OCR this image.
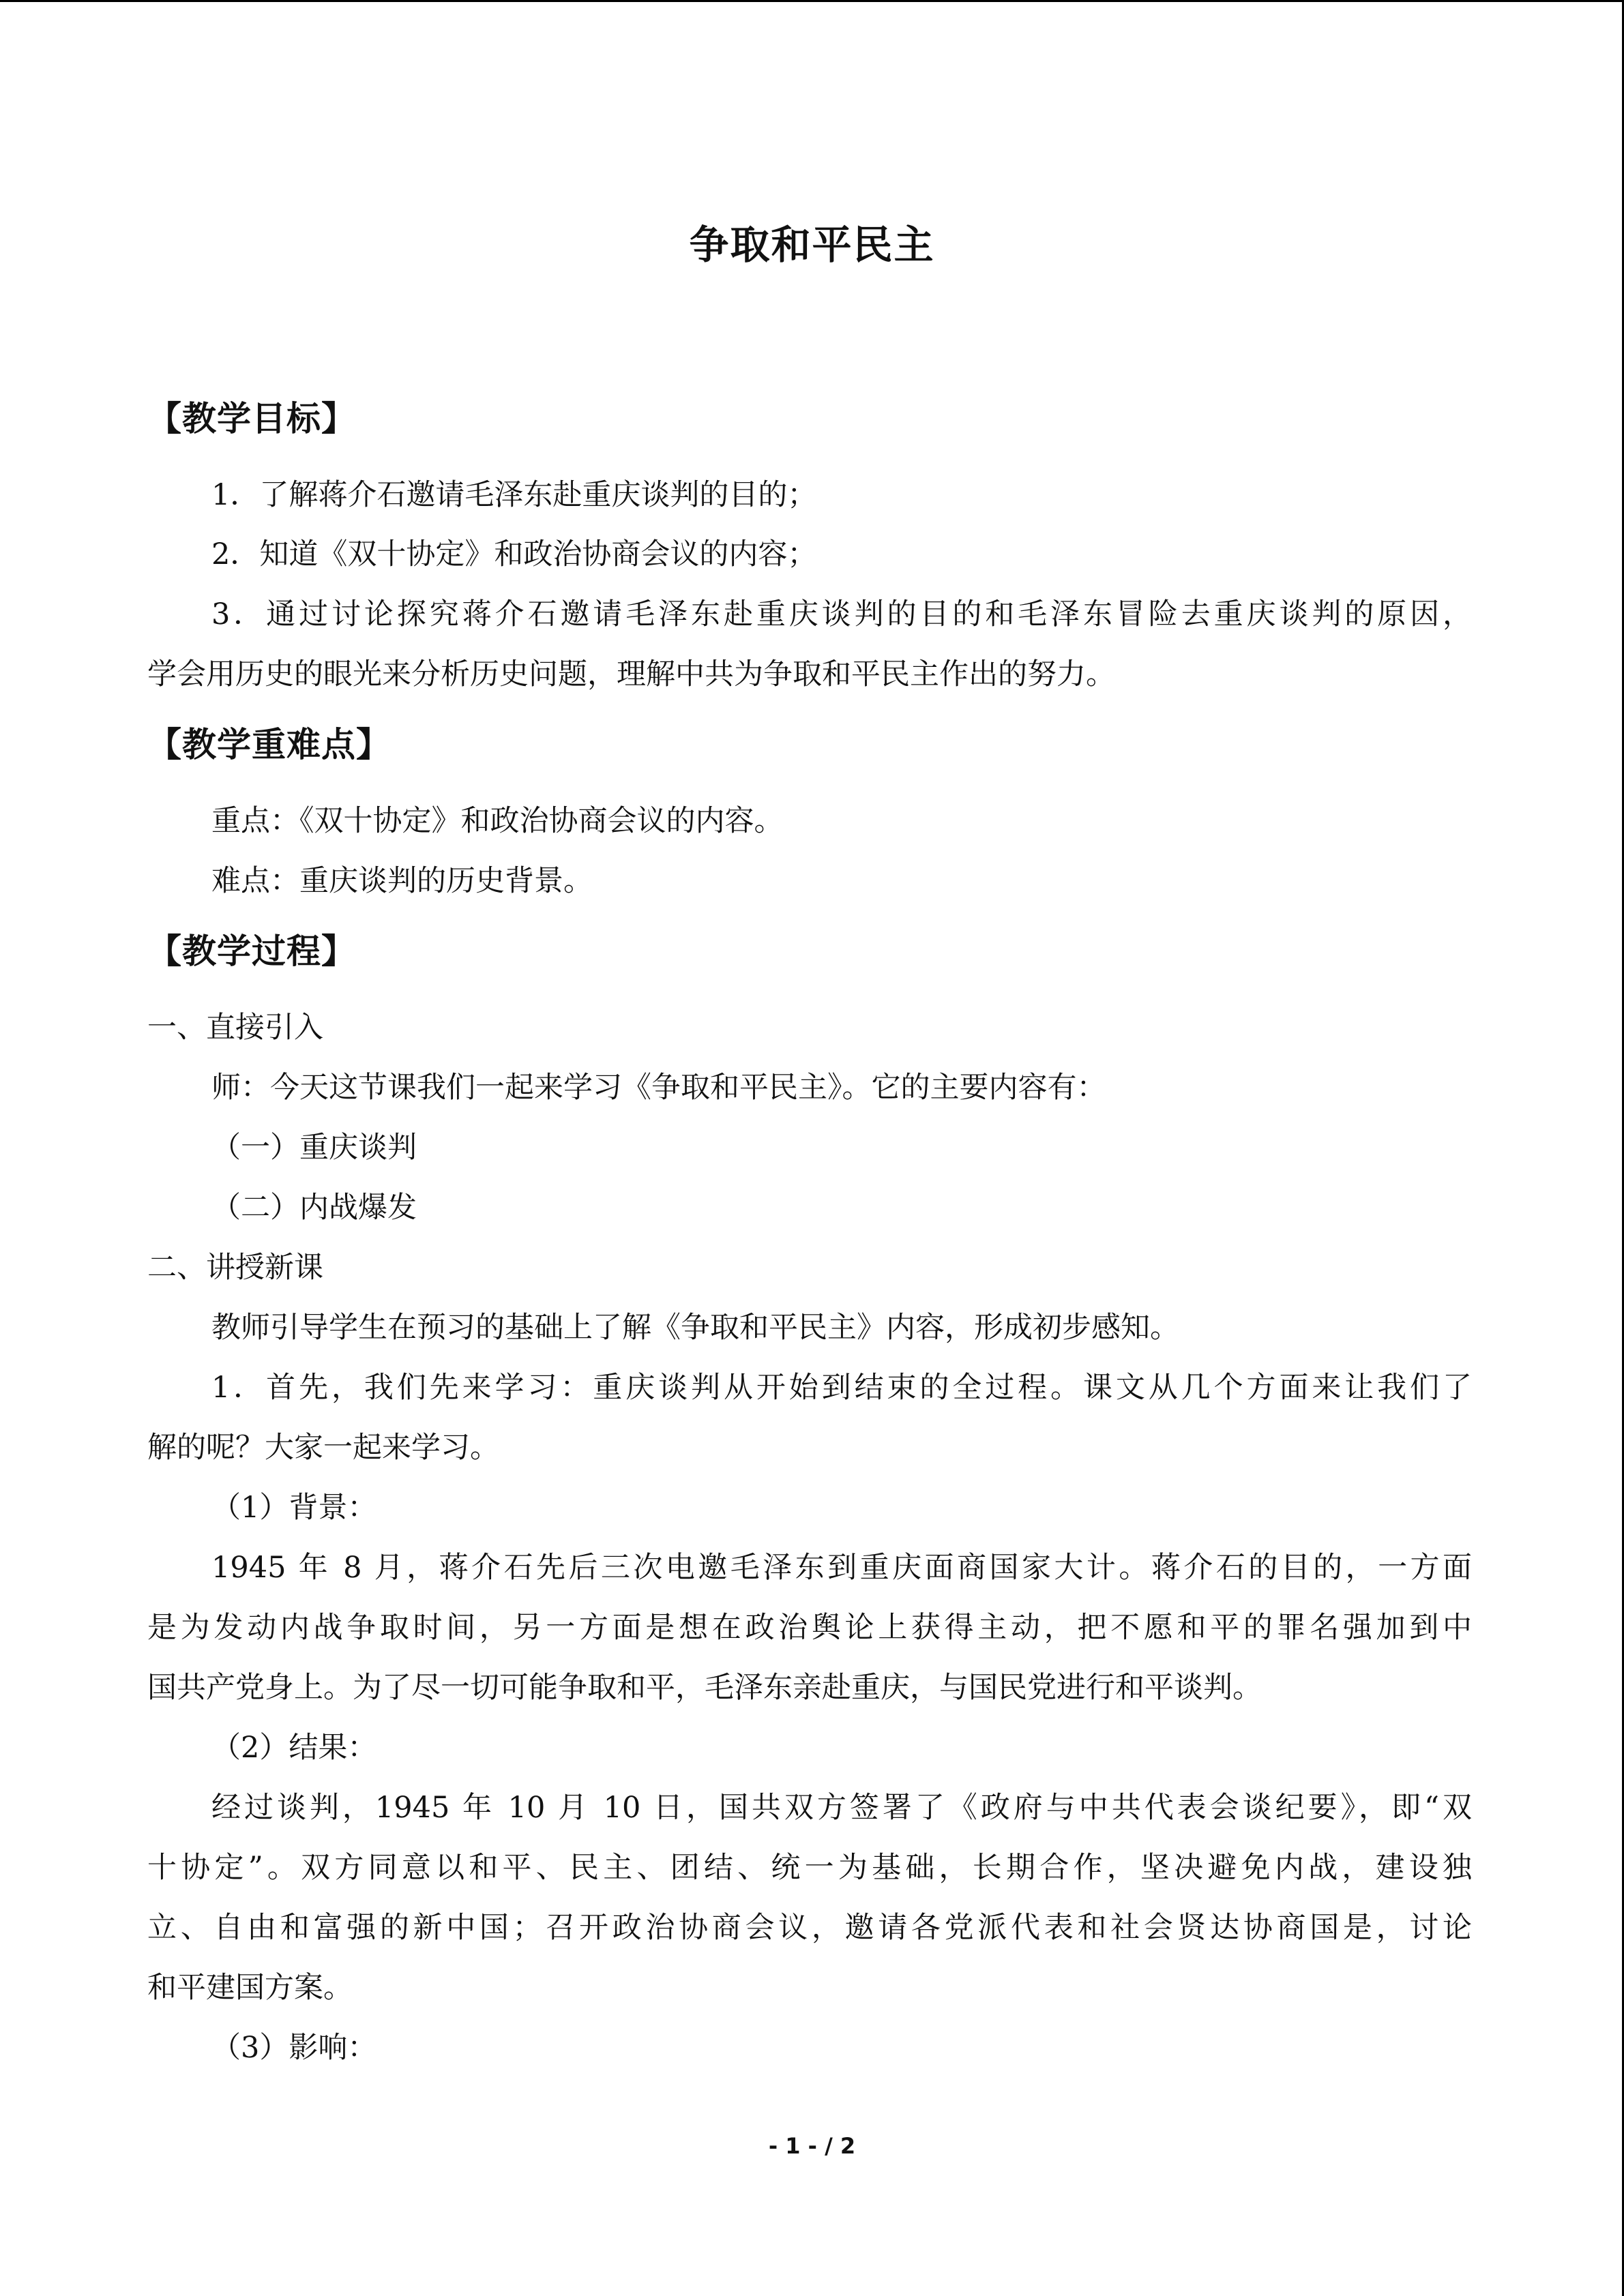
争取和平民主
【教学目标】
1．了解蒋介石邀请毛泽东赴重庆谈判的目的；
2．知道《双十协定》和政治协商会议的内容；
3．通过讨论探究蒋介石邀请毛泽东赴重庆谈判的目的和毛泽东冒险去重庆谈判的原因，
学会用历史的眼光来分析历史问题，理解中共为争取和平民主作出的努力。
【教学重难点】
重点：《双十协定》和政治协商会议的内容。
难点：重庆谈判的历史背景。
【教学过程】
一、直接引入
师：今天这节课我们一起来学习《争取和平民主》。它的主要内容有：
（一）重庆谈判
（二）内战爆发
二、讲授新课
教师引导学生在预习的基础上了解《争取和平民主》内容，形成初步感知。
1．首先，我们先来学习：重庆谈判从开始到结束的全过程。课文从几个方面来让我们了
解的呢？大家一起来学习。
（1）背景：
1945 年 8 月，蒋介石先后三次电邀毛泽东到重庆面商国家大计。蒋介石的目的，一方面
是为发动内战争取时间，另一方面是想在政治舆论上获得主动，把不愿和平的罪名强加到中
国共产党身上。为了尽一切可能争取和平，毛泽东亲赴重庆，与国民党进行和平谈判。
（2）结果：
经过谈判，1945 年 10 月 10 日，国共双方签署了《政府与中共代表会谈纪要》，即“双
十协定”。双方同意以和平、民主、团结、统一为基础，长期合作，坚决避免内战，建设独
立、自由和富强的新中国；召开政治协商会议，邀请各党派代表和社会贤达协商国是，讨论
和平建国方案。
（3）影响：
- 1 - / 2
